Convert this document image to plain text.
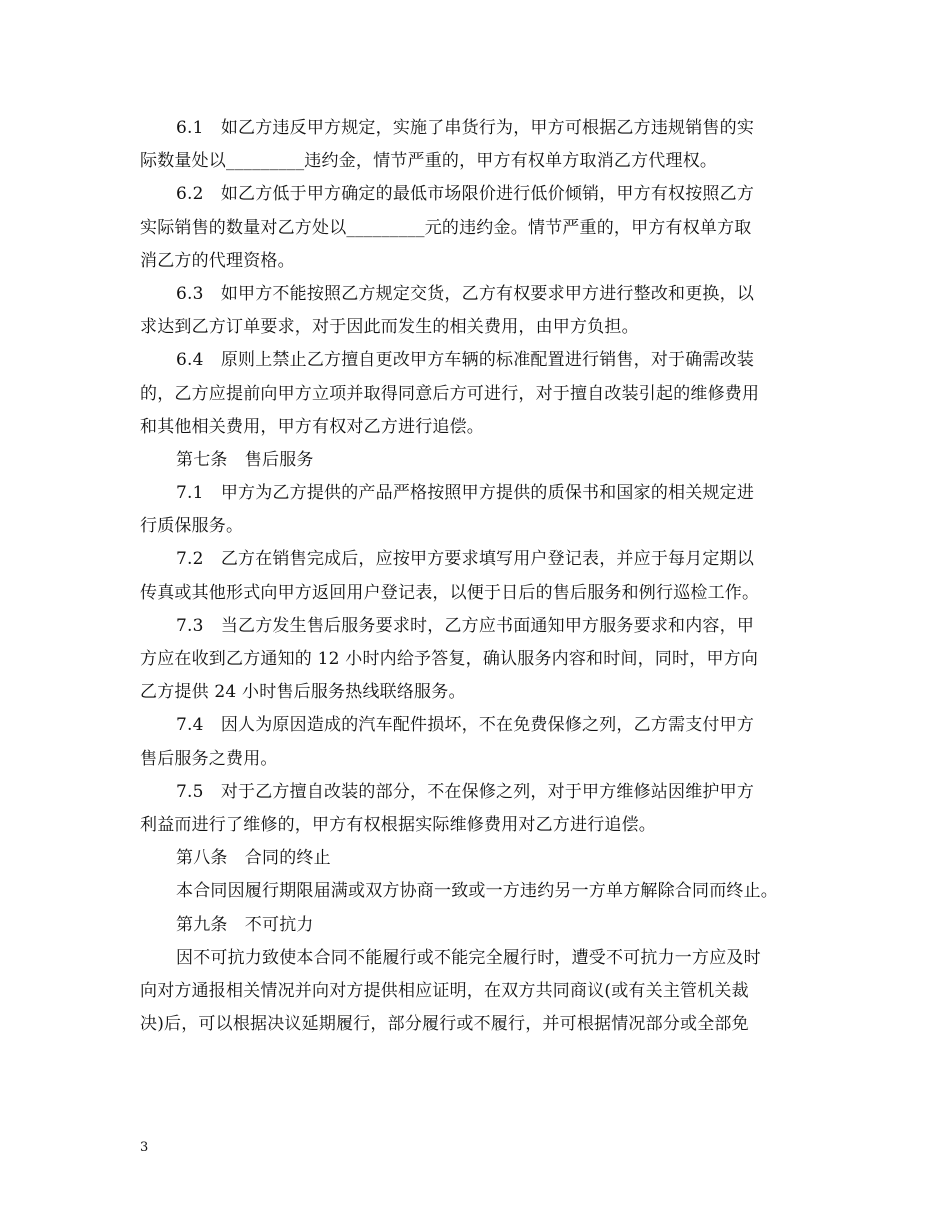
6.1　如乙方违反甲方规定，实施了串货行为，甲方可根据乙方违规销售的实
际数量处以_________违约金，情节严重的，甲方有权单方取消乙方代理权。
6.2　如乙方低于甲方确定的最低市场限价进行低价倾销，甲方有权按照乙方
实际销售的数量对乙方处以_________元的违约金。情节严重的，甲方有权单方取
消乙方的代理资格。
6.3　如甲方不能按照乙方规定交货，乙方有权要求甲方进行整改和更换，以
求达到乙方订单要求，对于因此而发生的相关费用，由甲方负担。
6.4　原则上禁止乙方擅自更改甲方车辆的标准配置进行销售，对于确需改装
的，乙方应提前向甲方立项并取得同意后方可进行，对于擅自改装引起的维修费用
和其他相关费用，甲方有权对乙方进行追偿。
第七条　售后服务
7.1　甲方为乙方提供的产品严格按照甲方提供的质保书和国家的相关规定进
行质保服务。
7.2　乙方在销售完成后，应按甲方要求填写用户登记表，并应于每月定期以
传真或其他形式向甲方返回用户登记表，以便于日后的售后服务和例行巡检工作。
7.3　当乙方发生售后服务要求时，乙方应书面通知甲方服务要求和内容，甲
方应在收到乙方通知的 12 小时内给予答复，确认服务内容和时间，同时，甲方向
乙方提供 24 小时售后服务热线联络服务。
7.4　因人为原因造成的汽车配件损坏，不在免费保修之列，乙方需支付甲方
售后服务之费用。
7.5　对于乙方擅自改装的部分，不在保修之列，对于甲方维修站因维护甲方
利益而进行了维修的，甲方有权根据实际维修费用对乙方进行追偿。
第八条　合同的终止
本合同因履行期限届满或双方协商一致或一方违约另一方单方解除合同而终止。
第九条　不可抗力
因不可抗力致使本合同不能履行或不能完全履行时，遭受不可抗力一方应及时
向对方通报相关情况并向对方提供相应证明，在双方共同商议(或有关主管机关裁
决)后，可以根据决议延期履行，部分履行或不履行，并可根据情况部分或全部免
3
